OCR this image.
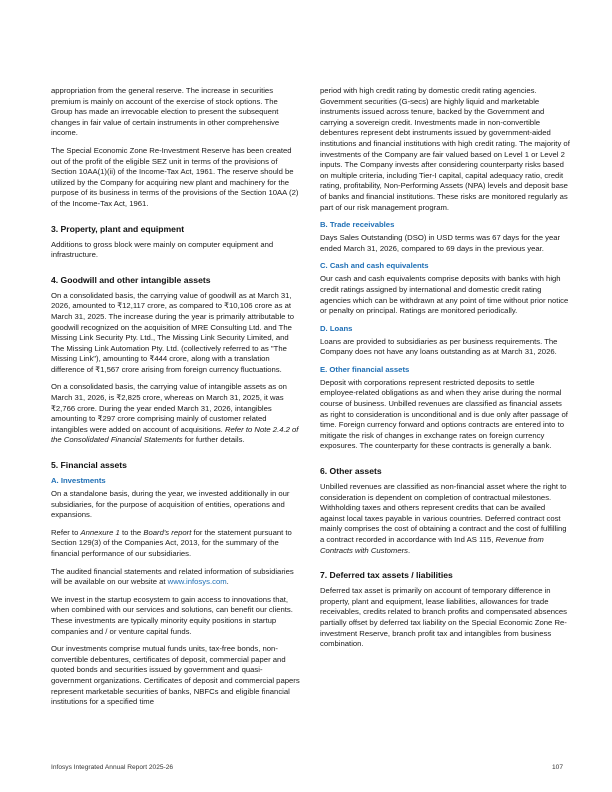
appropriation from the general reserve. The increase in securities premium is mainly on account of the exercise of stock options. The Group has made an irrevocable election to present the subsequent changes in fair value of certain instruments in other comprehensive income.

The Special Economic Zone Re-Investment Reserve has been created out of the profit of the eligible SEZ unit in terms of the provisions of Section 10AA(1)(ii) of the Income-Tax Act, 1961. The reserve should be utilized by the Company for acquiring new plant and machinery for the purpose of its business in terms of the provisions of the Section 10AA (2) of the Income-Tax Act, 1961.

3. Property, plant and equipment

Additions to gross block were mainly on computer equipment and infrastructure.

4. Goodwill and other intangible assets

On a consolidated basis, the carrying value of goodwill as at March 31, 2026, amounted to ₹12,117 crore, as compared to ₹10,106 crore as at March 31, 2025. The increase during the year is primarily attributable to goodwill recognized on the acquisition of MRE Consulting Ltd. and The Missing Link Security Pty. Ltd., The Missing Link Security Limited, and The Missing Link Automation Pty. Ltd. (collectively referred to as "The Missing Link"), amounting to ₹444 crore, along with a translation difference of ₹1,567 crore arising from foreign currency fluctuations.

On a consolidated basis, the carrying value of intangible assets as on March 31, 2026, is ₹2,825 crore, whereas on March 31, 2025, it was ₹2,766 crore. During the year ended March 31, 2026, intangibles amounting to ₹297 crore comprising mainly of customer related intangibles were added on account of acquisitions. Refer to Note 2.4.2 of the Consolidated Financial Statements for further details.

5. Financial assets
A. Investments

On a standalone basis, during the year, we invested additionally in our subsidiaries, for the purpose of acquisition of entities, operations and expansions.

Refer to Annexure 1 to the Board's report for the statement pursuant to Section 129(3) of the Companies Act, 2013, for the summary of the financial performance of our subsidiaries.

The audited financial statements and related information of subsidiaries will be available on our website at www.infosys.com.

We invest in the startup ecosystem to gain access to innovations that, when combined with our services and solutions, can benefit our clients. These investments are typically minority equity positions in startup companies and / or venture capital funds.

Our investments comprise mutual funds units, tax-free bonds, non-convertible debentures, certificates of deposit, commercial paper and quoted bonds and securities issued by government and quasi-government organizations. Certificates of deposit and commercial papers represent marketable securities of banks, NBFCs and eligible financial institutions for a specified time

period with high credit rating by domestic credit rating agencies. Government securities (G-secs) are highly liquid and marketable instruments issued across tenure, backed by the Government and carrying a sovereign credit. Investments made in non-convertible debentures represent debt instruments issued by government-aided institutions and financial institutions with high credit rating. The majority of investments of the Company are fair valued based on Level 1 or Level 2 inputs. The Company invests after considering counterparty risks based on multiple criteria, including Tier-I capital, capital adequacy ratio, credit rating, profitability, Non-Performing Assets (NPA) levels and deposit base of banks and financial institutions. These risks are monitored regularly as part of our risk management program.

B. Trade receivables

Days Sales Outstanding (DSO) in USD terms was 67 days for the year ended March 31, 2026, compared to 69 days in the previous year.

C. Cash and cash equivalents

Our cash and cash equivalents comprise deposits with banks with high credit ratings assigned by international and domestic credit rating agencies which can be withdrawn at any point of time without prior notice or penalty on principal. Ratings are monitored periodically.

D. Loans

Loans are provided to subsidiaries as per business requirements. The Company does not have any loans outstanding as at March 31, 2026.

E. Other financial assets

Deposit with corporations represent restricted deposits to settle employee-related obligations as and when they arise during the normal course of business. Unbilled revenues are classified as financial assets as right to consideration is unconditional and is due only after passage of time. Foreign currency forward and options contracts are entered into to mitigate the risk of changes in exchange rates on foreign currency exposures. The counterparty for these contracts is generally a bank.

6. Other assets

Unbilled revenues are classified as non-financial asset where the right to consideration is dependent on completion of contractual milestones. Withholding taxes and others represent credits that can be availed against local taxes payable in various countries. Deferred contract cost mainly comprises the cost of obtaining a contract and the cost of fulfilling a contract recorded in accordance with Ind AS 115, Revenue from Contracts with Customers.

7. Deferred tax assets / liabilities

Deferred tax asset is primarily on account of temporary difference in property, plant and equipment, lease liabilities, allowances for trade receivables, credits related to branch profits and compensated absences partially offset by deferred tax liability on the Special Economic Zone Re-investment Reserve, branch profit tax and intangibles from business combination.

Infosys Integrated Annual Report 2025-26	107
